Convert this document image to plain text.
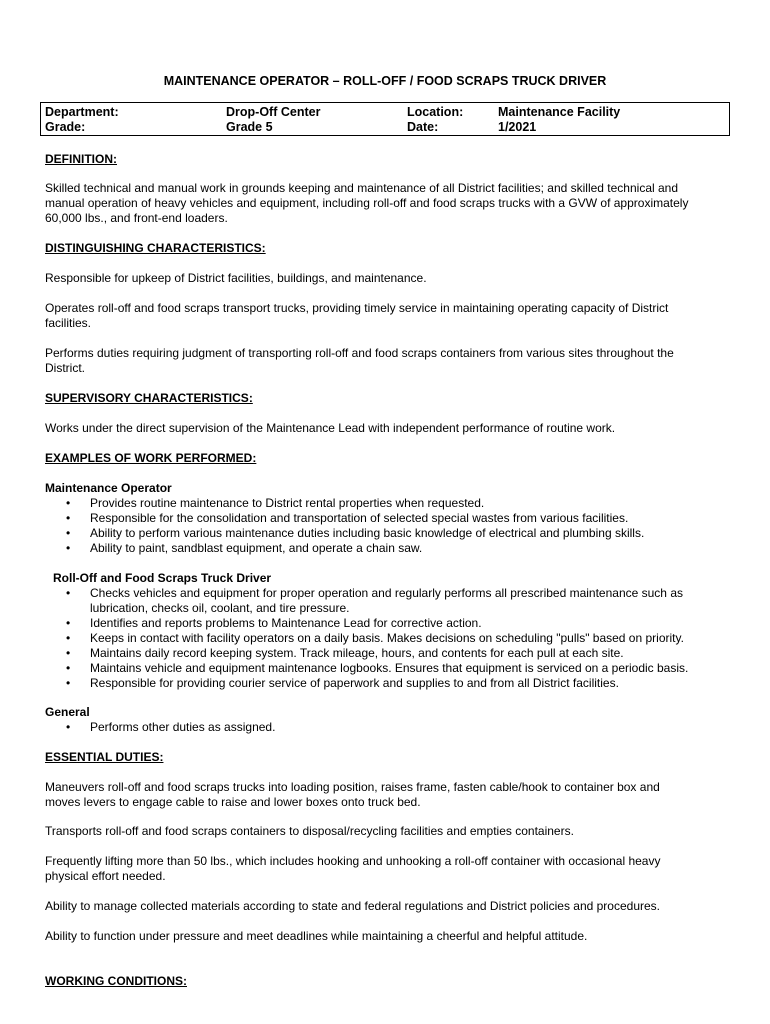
MAINTENANCE OPERATOR – ROLL-OFF / FOOD SCRAPS TRUCK DRIVER
Department:	Drop-Off Center	Location:	Maintenance Facility
Grade:	Grade 5	Date:	1/2021
DEFINITION:
Skilled technical and manual work in grounds keeping and maintenance of all District facilities; and skilled technical and
manual operation of heavy vehicles and equipment, including roll-off and food scraps trucks with a GVW of approximately
60,000 lbs., and front-end loaders.
DISTINGUISHING CHARACTERISTICS:
Responsible for upkeep of District facilities, buildings, and maintenance.
Operates roll-off and food scraps transport trucks, providing timely service in maintaining operating capacity of District
facilities.
Performs duties requiring judgment of transporting roll-off and food scraps containers from various sites throughout the
District.
SUPERVISORY CHARACTERISTICS:
Works under the direct supervision of the Maintenance Lead with independent performance of routine work.
EXAMPLES OF WORK PERFORMED:
Maintenance Operator
• Provides routine maintenance to District rental properties when requested.
• Responsible for the consolidation and transportation of selected special wastes from various facilities.
• Ability to perform various maintenance duties including basic knowledge of electrical and plumbing skills.
• Ability to paint, sandblast equipment, and operate a chain saw.
Roll-Off and Food Scraps Truck Driver
• Checks vehicles and equipment for proper operation and regularly performs all prescribed maintenance such as
lubrication, checks oil, coolant, and tire pressure.
• Identifies and reports problems to Maintenance Lead for corrective action.
• Keeps in contact with facility operators on a daily basis. Makes decisions on scheduling "pulls" based on priority.
• Maintains daily record keeping system. Track mileage, hours, and contents for each pull at each site.
• Maintains vehicle and equipment maintenance logbooks. Ensures that equipment is serviced on a periodic basis.
• Responsible for providing courier service of paperwork and supplies to and from all District facilities.
General
• Performs other duties as assigned.
ESSENTIAL DUTIES:
Maneuvers roll-off and food scraps trucks into loading position, raises frame, fasten cable/hook to container box and
moves levers to engage cable to raise and lower boxes onto truck bed.
Transports roll-off and food scraps containers to disposal/recycling facilities and empties containers.
Frequently lifting more than 50 lbs., which includes hooking and unhooking a roll-off container with occasional heavy
physical effort needed.
Ability to manage collected materials according to state and federal regulations and District policies and procedures.
Ability to function under pressure and meet deadlines while maintaining a cheerful and helpful attitude.
WORKING CONDITIONS:
